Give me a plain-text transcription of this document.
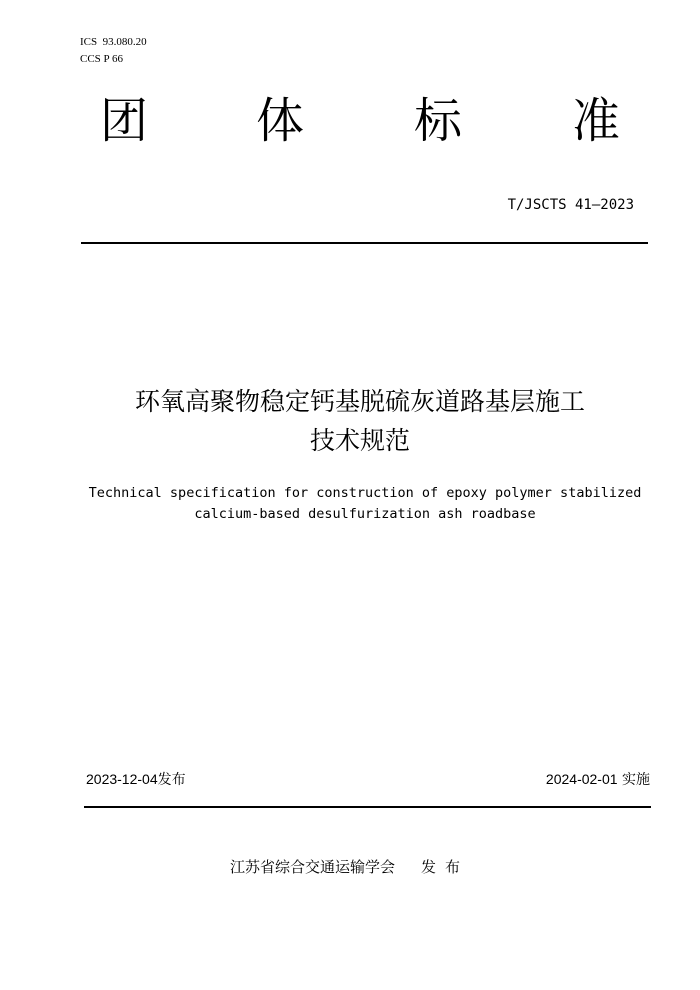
ICS  93.080.20
CCS P 66
团 体 标 准
T/JSCTS 41—2023
环氧高聚物稳定钙基脱硫灰道路基层施工
技术规范
Technical specification for construction of epoxy polymer stabilized
calcium-based desulfurization ash roadbase
2023-12-04发布	2024-02-01 实施
江苏省综合交通运输学会 发布
